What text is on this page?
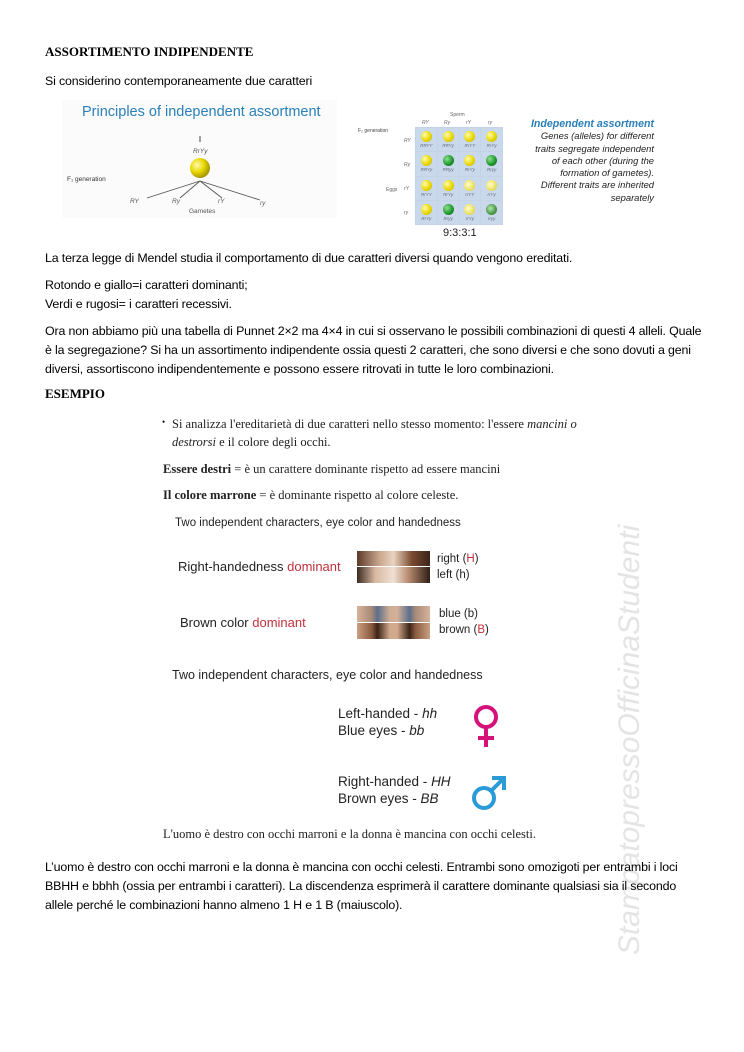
StampatopressoOfficinaStudenti
ASSORTIMENTO INDIPENDENTE

Si considerino contemporaneamente due caratteri

Principles of independent assortment
RrYy
F₁ generation
RY	Ry	rY	ry
Gametes
F₂ generation
Sperm
Eggs
RY	Ry	rY	ry
RY
Ry
rY
ry
RRYY RRYy RrYY	RrYy
RRYy RRyy	RrYy	Rryy
RrYY	RrYy	rrYY	rrYy
RrYy	Rryy	rrYy	rryy
9:3:3:1
Independent assortment
Genes (alleles) for different
traits segregate independent
of each other (during the
formation of gametes).
Different traits are inherited
separately

La terza legge di Mendel studia il comportamento di due caratteri diversi quando vengono ereditati.

Rotondo e giallo=i caratteri dominanti;
Verdi e rugosi= i caratteri recessivi.

Ora non abbiamo più una tabella di Punnet 2×2 ma 4×4 in cui si osservano le possibili combinazioni di questi 4 alleli. Quale è la segregazione? Si ha un assortimento indipendente ossia questi 2 caratteri, che sono diversi e che sono dovuti a geni diversi, assortiscono indipendentemente e possono essere ritrovati in tutte le loro combinazioni.

ESEMPIO
• Si analizza l'ereditarietà di due caratteri nello stesso momento: l'essere mancini o
destrorsi e il colore degli occhi.
Essere destri = è un carattere dominante rispetto ad essere mancini
Il colore marrone = è dominante rispetto al colore celeste.
Two independent characters, eye color and handedness
Right-handedness dominant	right (H)
left (h)
Brown color dominant
blue (b)
brown (B)
Two independent characters, eye color and handedness
Left-handed - hh
Blue eyes - bb
Right-handed - HH
Brown eyes - BB
L'uomo è destro con occhi marroni e la donna è mancina con occhi celesti.

L’uomo è destro con occhi marroni e la donna è mancina con occhi celesti. Entrambi sono omozigoti per entrambi i loci BBHH e bbhh (ossia per entrambi i caratteri). La discendenza esprimerà il carattere dominante qualsiasi sia il secondo allele perché le combinazioni hanno almeno 1 H e 1 B (maiuscolo).
